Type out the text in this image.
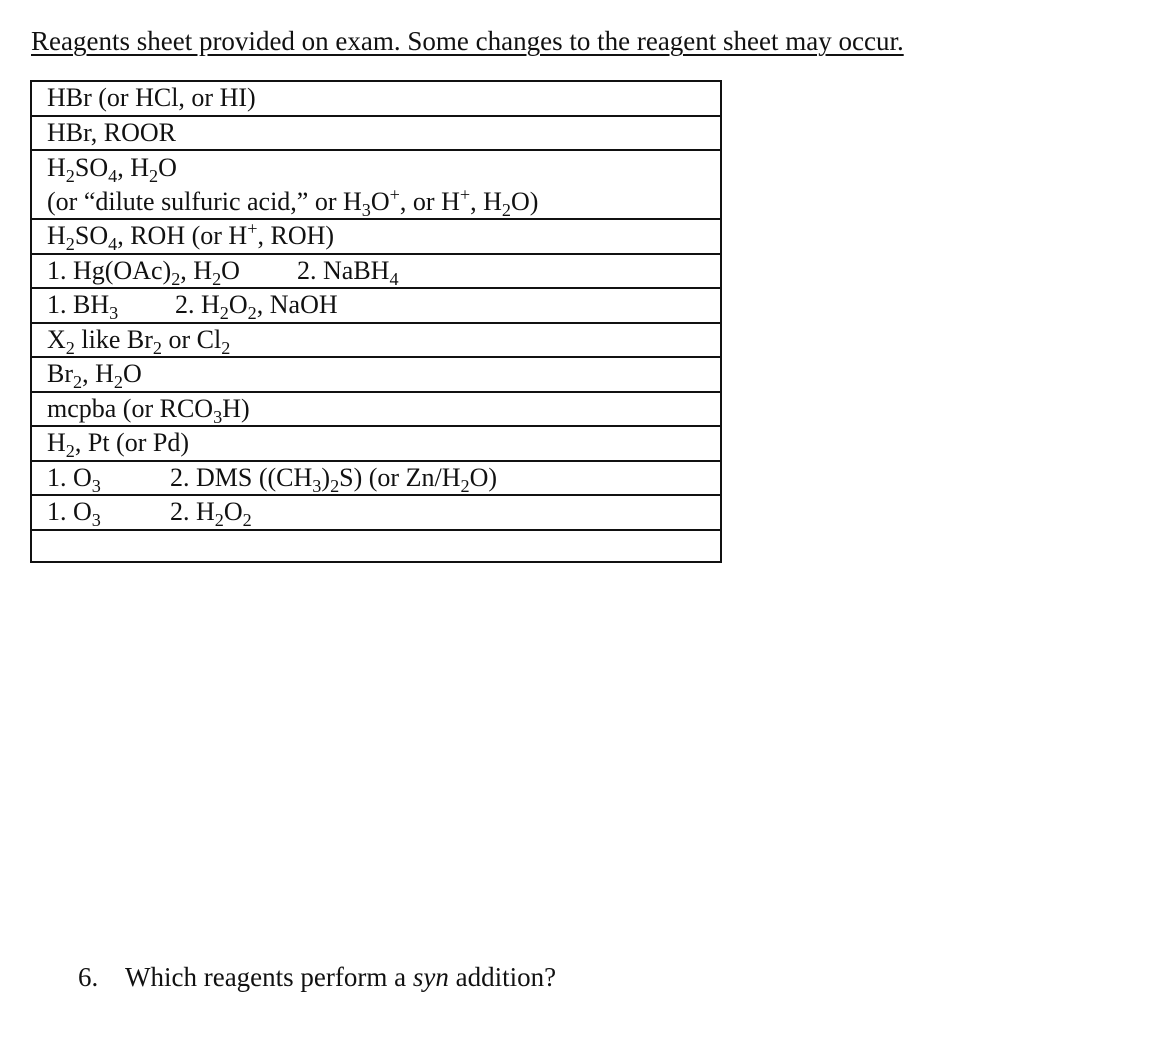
Reagents sheet provided on exam. Some changes to the reagent sheet may occur.
HBr (or HCl, or HI)
HBr, ROOR
$H_2SO_4$, $H_2O$
(or “dilute sulfuric acid,” or $H_3O^+$, or H+, $H_2O$)
$H_2SO_4$, ROH (or H+, ROH)
1. $Hg(OAc)_2$, $H_2O$	2. NaBH$_4$
1. $BH_3$	2. $H_2O_2$, NaOH
$X_2$ like $Br_2$ or $Cl_2$
$Br_2$, $H_2O$
mcpba (or $RCO_3H$)
$H_2$, Pt (or Pd)
1. $O_3$	2. DMS $((CH_3)_2S)$ (or $Zn/H_2O$)
1. $O_3$	2. $H_2O_2$
6. Which reagents perform a syn addition?
